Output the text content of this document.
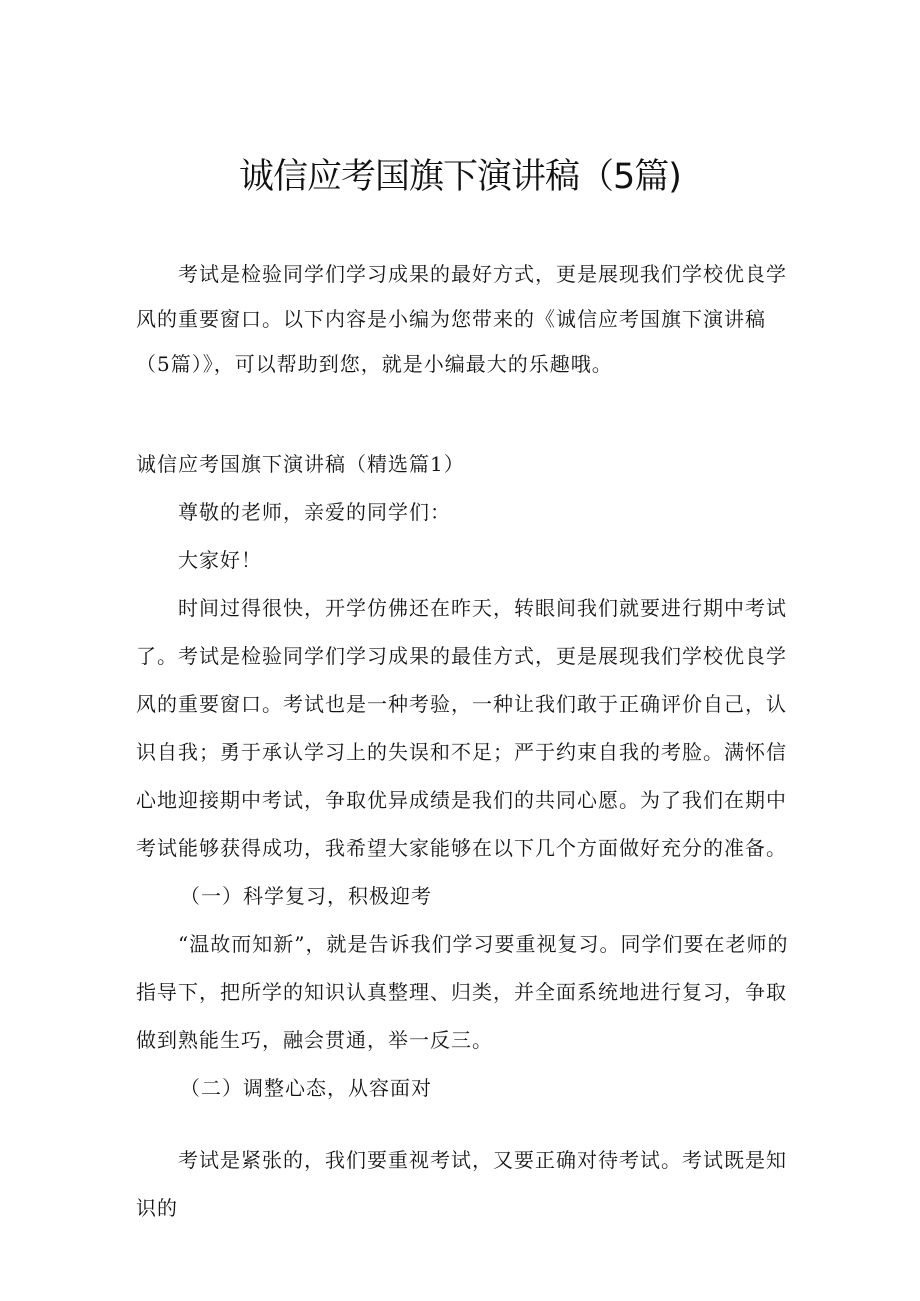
诚信应考国旗下演讲稿（5篇)
考试是检验同学们学习成果的最好方式，更是展现我们学校优良学风的重要窗口。以下内容是小编为您带来的《诚信应考国旗下演讲稿（5篇）》，可以帮助到您，就是小编最大的乐趣哦。
诚信应考国旗下演讲稿（精选篇1）

尊敬的老师，亲爱的同学们：

大家好！

时间过得很快，开学仿佛还在昨天，转眼间我们就要进行期中考试了。考试是检验同学们学习成果的最佳方式，更是展现我们学校优良学风的重要窗口。考试也是一种考验，一种让我们敢于正确评价自己，认识自我；勇于承认学习上的失误和不足；严于约束自我的考脸。满怀信心地迎接期中考试，争取优异成绩是我们的共同心愿。为了我们在期中考试能够获得成功，我希望大家能够在以下几个方面做好充分的准备。

（一）科学复习，积极迎考

“温故而知新”，就是告诉我们学习要重视复习。同学们要在老师的指导下，把所学的知识认真整理、归类，并全面系统地进行复习，争取做到熟能生巧，融会贯通，举一反三。

（二）调整心态，从容面对

考试是紧张的，我们要重视考试，又要正确对待考试。考试既是知识的
